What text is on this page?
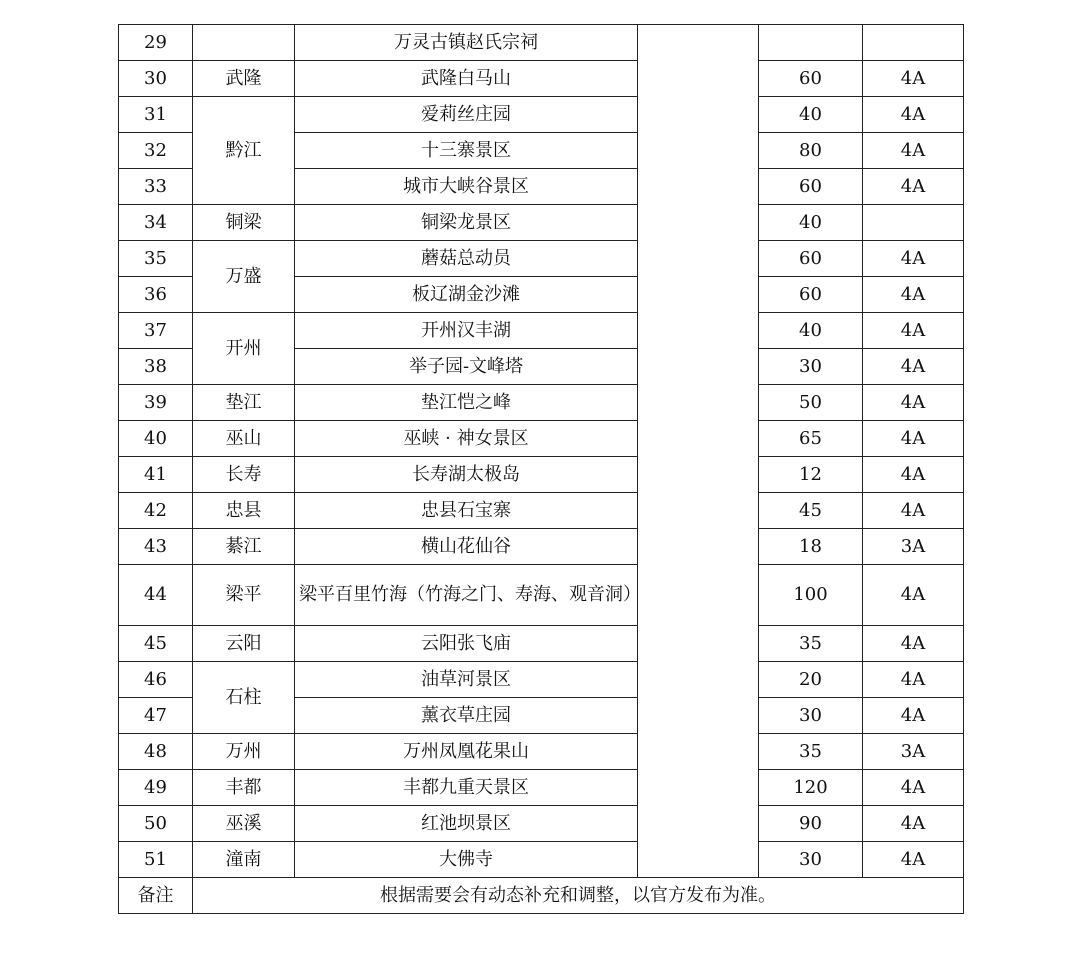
29		万灵古镇赵氏宗祠			
30	武隆	武隆白马山		60	4A
31	黔江	爱莉丝庄园		40	4A
32		十三寨景区		80	4A
33		城市大峡谷景区		60	4A
34	铜梁	铜梁龙景区		40	
35	万盛	蘑菇总动员		60	4A
36		板辽湖金沙滩		60	4A
37	开州	开州汉丰湖		40	4A
38		举子园-文峰塔		30	4A
39	垫江	垫江恺之峰		50	4A
40	巫山	巫峡 · 神女景区		65	4A
41	长寿	长寿湖太极岛		12	4A
42	忠县	忠县石宝寨		45	4A
43	綦江	横山花仙谷		18	3A
44	梁平	梁平百里竹海（竹海之门、寿海、观音洞）		100	4A
45	云阳	云阳张飞庙		35	4A
46	石柱	油草河景区		20	4A
47		薰衣草庄园		30	4A
48	万州	万州凤凰花果山		35	3A
49	丰都	丰都九重天景区		120	4A
50	巫溪	红池坝景区		90	4A
51	潼南	大佛寺		30	4A
备注	根据需要会有动态补充和调整，以官方发布为准。				
